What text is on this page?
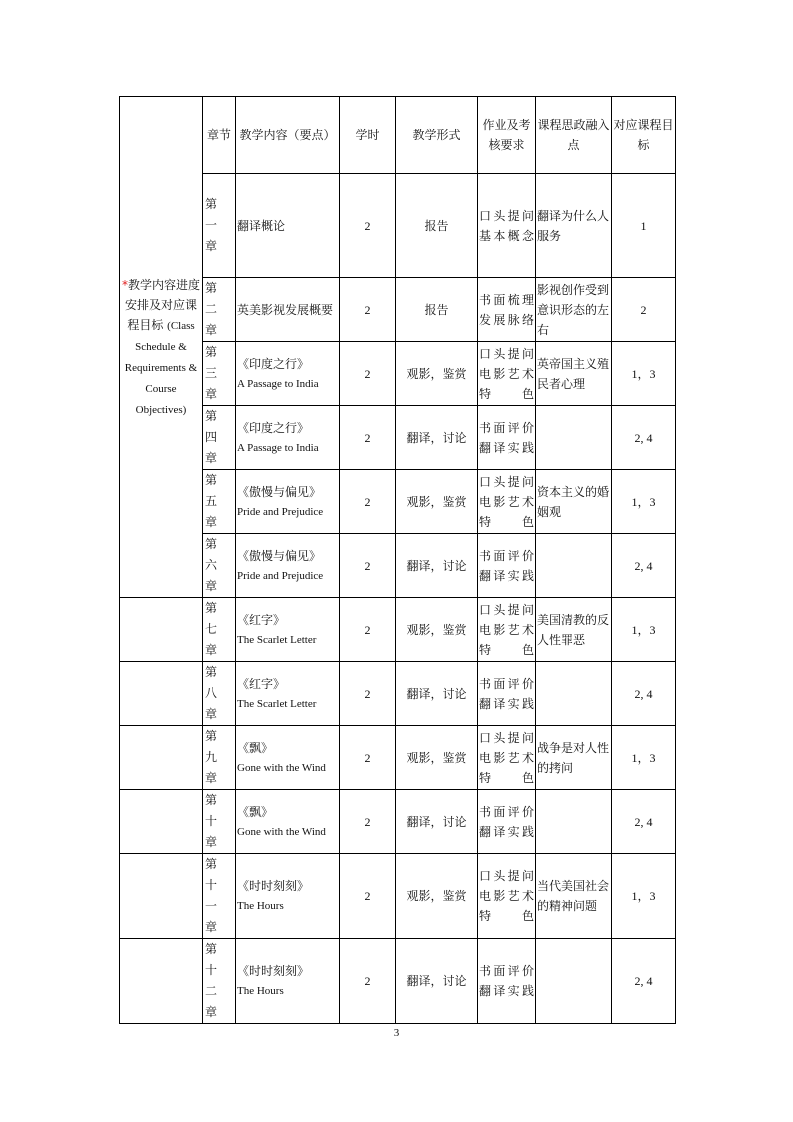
*教学内容进度安排及对应课程目标 (Class Schedule & Requirements & Course Objectives)	章节	教学内容（要点）	学时	教学形式	作业及考核要求	课程思政融入点	对应课程目标

	第一章	翻译概论	2	报告	口头提问基本概念	翻译为什么人服务	1

	第二章	英美影视发展概要	2	报告	书面梳理发展脉络	影视创作受到意识形态的左右	2

	第三章	《印度之行》
A Passage to India	2	观影，鉴赏	口头提问电影艺术特色	英帝国主义殖民者心理	1，3

	第四章	《印度之行》
A Passage to India	2	翻译，讨论	书面评价翻译实践		2, 4

	第五章	《傲慢与偏见》
Pride and Prejudice	2	观影，鉴赏	口头提问电影艺术特色	资本主义的婚姻观	1，3

	第六章	《傲慢与偏见》
Pride and Prejudice	2	翻译，讨论	书面评价翻译实践		2, 4

	第七章	《红字》
The Scarlet Letter	2	观影，鉴赏	口头提问电影艺术特色	美国清教的反人性罪恶	1，3

	第八章	《红字》
The Scarlet Letter	2	翻译，讨论	书面评价翻译实践		2, 4

	第九章	《飘》
Gone with the Wind	2	观影，鉴赏	口头提问电影艺术特色	战争是对人性的拷问	1，3

	第十章	《飘》
Gone with the Wind	2	翻译，讨论	书面评价翻译实践		2, 4

	第十一章	《时时刻刻》
The Hours	2	观影，鉴赏	口头提问电影艺术特色	当代美国社会的精神问题	1，3

	第十二章	《时时刻刻》
The Hours	2	翻译，讨论	书面评价翻译实践		2, 4
3
